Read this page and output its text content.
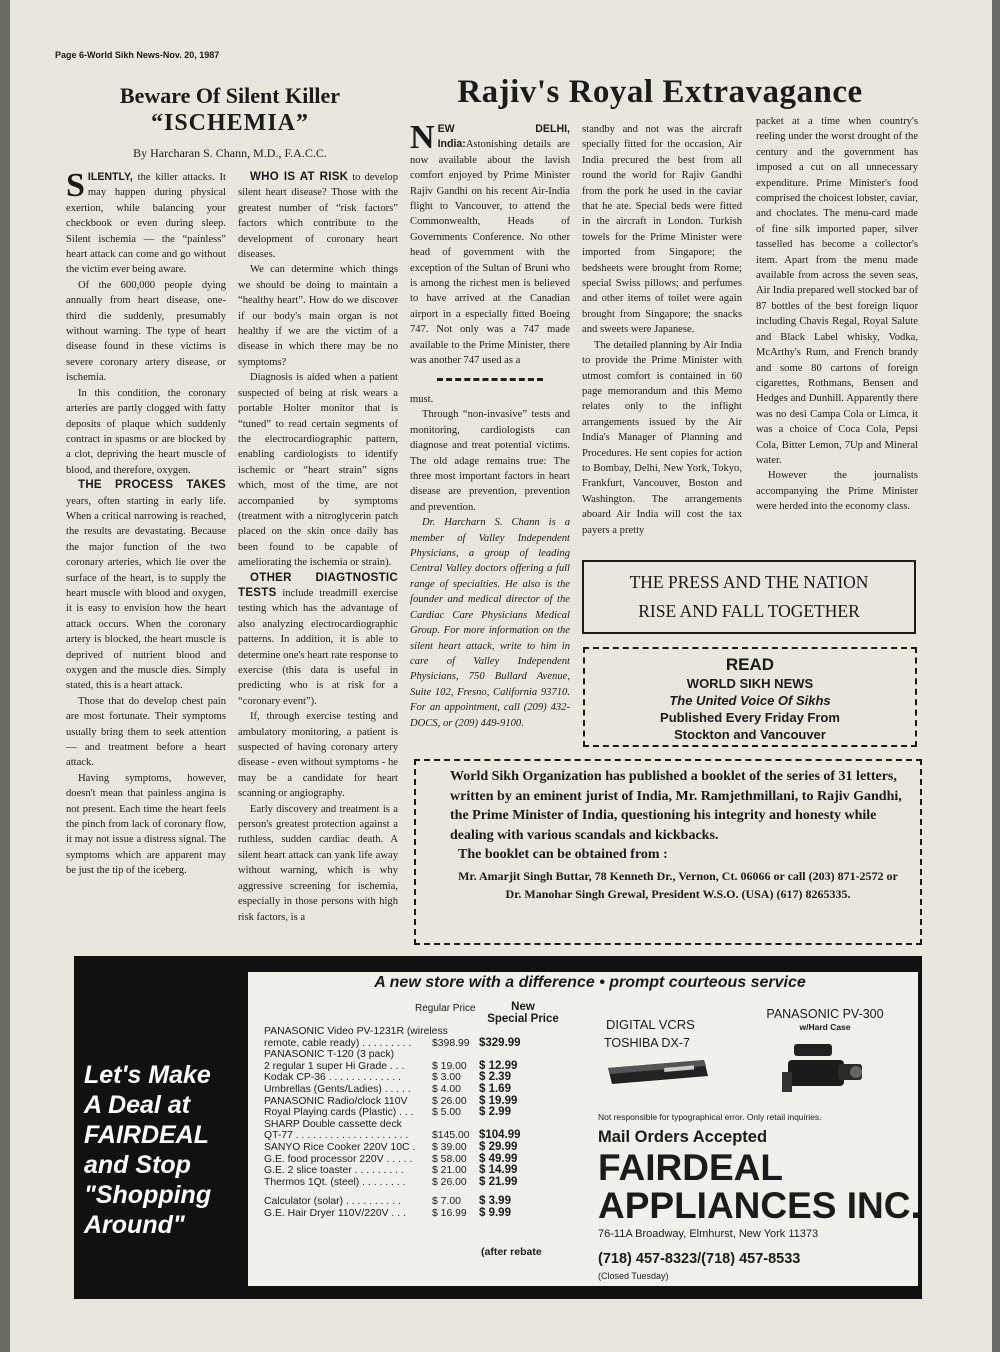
Page 6-World Sikh News-Nov. 20, 1987
Beware Of Silent Killer
“ISCHEMIA”
By Harcharan S. Chann, M.D., F.A.C.C.

SILENTLY, the killer attacks. It may happen during physical exertion, while balancing your checkbook or even during sleep. Silent ischemia — the “painless” heart attack can come and go without the victim ever being aware.

Of the 600,000 people dying annually from heart disease, one-third die suddenly, presumably without warning. The type of heart disease found in these victims is severe coronary artery disease, or ischemia.

In this condition, the coronary arteries are partly clogged with fatty deposits of plaque which suddenly contract in spasms or are blocked by a clot, depriving the heart muscle of blood, and therefore, oxygen.

THE PROCESS TAKES years, often starting in early life. When a critical narrowing is reached, the results are devastating. Because the major function of the two coronary arteries, which lie over the surface of the heart, is to supply the heart muscle with blood and oxygen, it is easy to envision how the heart attack occurs. When the coronary artery is blocked, the heart muscle is deprived of nutrient blood and oxygen and the muscle dies. Simply stated, this is a heart attack.

Those that do develop chest pain are most fortunate. Their symptoms usually bring them to seek attention — and treatment before a heart attack.

Having symptoms, however, doesn't mean that painless angina is not present. Each time the heart feels the pinch from lack of coronary flow, it may not issue a distress signal. The symptoms which are apparent may be just the tip of the iceberg.

WHO IS AT RISK to develop silent heart disease? Those with the greatest number of “risk factors” factors which contribute to the development of coronary heart diseases.

We can determine which things we should be doing to maintain a “healthy heart”. How do we discover if our body's main organ is not healthy if we are the victim of a disease in which there may be no symptoms?

Diagnosis is aided when a patient suspected of being at risk wears a portable Holter monitor that is “tuned” to read certain segments of the electrocardiographic pattern, enabling cardiologists to identify ischemic or “heart strain” signs which, most of the time, are not accompanied by symptoms (treatment with a nitroglycerin patch placed on the skin once daily has been found to be capable of ameliorating the ischemia or strain).

OTHER DIAGTNOSTIC TESTS include treadmill exercise testing which has the advantage of also analyzing electrocardiographic patterns. In addition, it is able to determine one's heart rate response to exercise (this data is useful in predicting who is at risk for a “coronary event”).

If, through exercise testing and ambulatory monitoring, a patient is suspected of having coronary artery disease - even without symptoms - he may be a candidate for heart scanning or angiography.

Early discovery and treatment is a person's greatest protection against a ruthless, sudden cardiac death. A silent heart attack can yank life away without warning, which is why aggressive screening for ischemia, especially in those persons with high risk factors, is a

must.

Through “non-invasive” tests and monitoring, cardiologists can diagnose and treat potential victims. The old adage remains true: The three most important factors in heart disease are prevention, prevention and prevention.

Dr. Harcharn S. Chann is a member of Valley Independent Physicians, a group of leading Central Valley doctors offering a full range of specialties. He also is the founder and medical director of the Cardiac Care Physicians Medical Group. For more information on the silent heart attack, write to him in care of Valley Independent Physicians, 750 Bullard Avenue, Suite 102, Fresno, California 93710. For an appointment, call (209) 432-DOCS, or (209) 449-9100.

Rajiv's Royal Extravagance

NEW DELHI, India:Astonishing details are now available about the lavish comfort enjoyed by Prime Minister Rajiv Gandhi on his recent Air-India flight to Vancouver, to attend the Commonwealth, Heads of Governments Conference. No other head of government with the exception of the Sultan of Bruni who is among the richest men is believed to have arrived at the Canadian airport in a especially fitted Boeing 747. Not only was a 747 made available to the Prime Minister, there was another 747 used as a

standby and not was the aircraft specially fitted for the occasion, Air India precured the best from all round the world for Rajiv Gandhi from the pork he used in the caviar that he ate. Special beds were fitted in the aircraft in London. Turkish towels for the Prime Minister were imported from Singapore; the bedsheets were brought from Rome; special Swiss pillows; and perfumes and other items of toilet were again brought from Singapore; the snacks and sweets were Japanese.

The detailed planning by Air India to provide the Prime Minister with utmost comfort is contained in 60 page memorandum and this Memo relates only to the inflight arrangements issued by the Air India's Manager of Planning and Procedures. He sent copies for action to Bombay, Delhi, New York, Tokyo, Frankfurt, Vancouver, Boston and Washington. The arrangements aboard Air India will cost the tax payers a pretty

packet at a time when country's reeling under the worst drought of the century and the government has imposed a cut on all unnecessary expenditure. Prime Minister's food comprised the choicest lobster, caviar, and choclates. The menu-card made of fine silk imported paper, silver tasselled has become a collector's item. Apart from the menu made available from across the seven seas, Air India prepared well stocked bar of 87 bottles of the best foreign liquor including Chavis Regal, Royal Salute and Black Label whisky, Vodka, McArthy's Rum, and French brandy and some 80 cartons of foreign cigarettes, Rothmans, Bensen and Hedges and Dunhill. Apparently there was no desi Campa Cola or Limca, it was a choice of Coca Cola, Pepsi Cola, Bitter Lemon, 7Up and Mineral water.

However the journalists accompanying the Prime Minister were herded into the economy class.

THE PRESS AND THE NATION
RISE AND FALL TOGETHER
READ
WORLD SIKH NEWS
The United Voice Of Sikhs
Published Every Friday From
Stockton and Vancouver
World Sikh Organization has published a booklet of the series of 31 letters, written by an eminent jurist of India, Mr. Ramjethmillani, to Rajiv Gandhi, the Prime Minister of India, questioning his integrity and honesty while dealing with various scandals and kickbacks.
The booklet can be obtained from :
Mr. Amarjit Singh Buttar, 78 Kenneth Dr., Vernon, Ct. 06066 or call (203) 871-2572 or Dr. Manohar Singh Grewal, President W.S.O. (USA) (617) 8265335.
A new store with a difference • prompt courteous service
Let's Make
A Deal at
FAIRDEAL
and Stop
"Shopping
Around"
Regular Price	New
Special Price
PANASONIC Video PV-1231R (wireless
remote, cable ready) . . . . . . . . . $398.99 $329.99
PANASONIC T-120 (3 pack)
2 regular 1 super Hi Grade . . .	$ 19.00 $ 12.99
Kodak CP-36 . . . . . . . . . . . . .	$ 3.00 $ 2.39
Umbrellas (Gents/Ladies) . . . . . $ 4.00 $ 1.69
PANASONIC Radio/clock 110V $ 26.00 $ 19.99
Royal Playing cards (Plastic) . . . $ 5.00 $ 2.99
SHARP Double cassette deck
QT-77 . . . . . . . . . . . . . . . . . . . . $145.00 $104.99
SANYO Rice Cooker 220V 10C . $ 39.00 $ 29.99
G.E. food processor 220V . . . . . $ 58.00 $ 49.99
G.E. 2 slice toaster . . . . . . . . .	$ 21.00 $ 14.99
Thermos 1Qt. (steel) . . . . . . . .	$ 26.00 $ 21.99
Calculator (solar) . . . . . . . . . .	$ 7.00 $ 3.99
G.E. Hair Dryer 110V/220V . . .	$ 16.99 $ 9.99
(after rebate
DIGITAL VCRS
TOSHIBA DX-7
PANASONIC PV-300
w/Hard Case
Not responsible for typographical error. Only retail inquiries.
Mail Orders Accepted
FAIRDEAL
APPLIANCES INC.
76-11A Broadway, Elmhurst, New York 11373
(718) 457-8323/(718) 457-8533
(Closed Tuesday)
